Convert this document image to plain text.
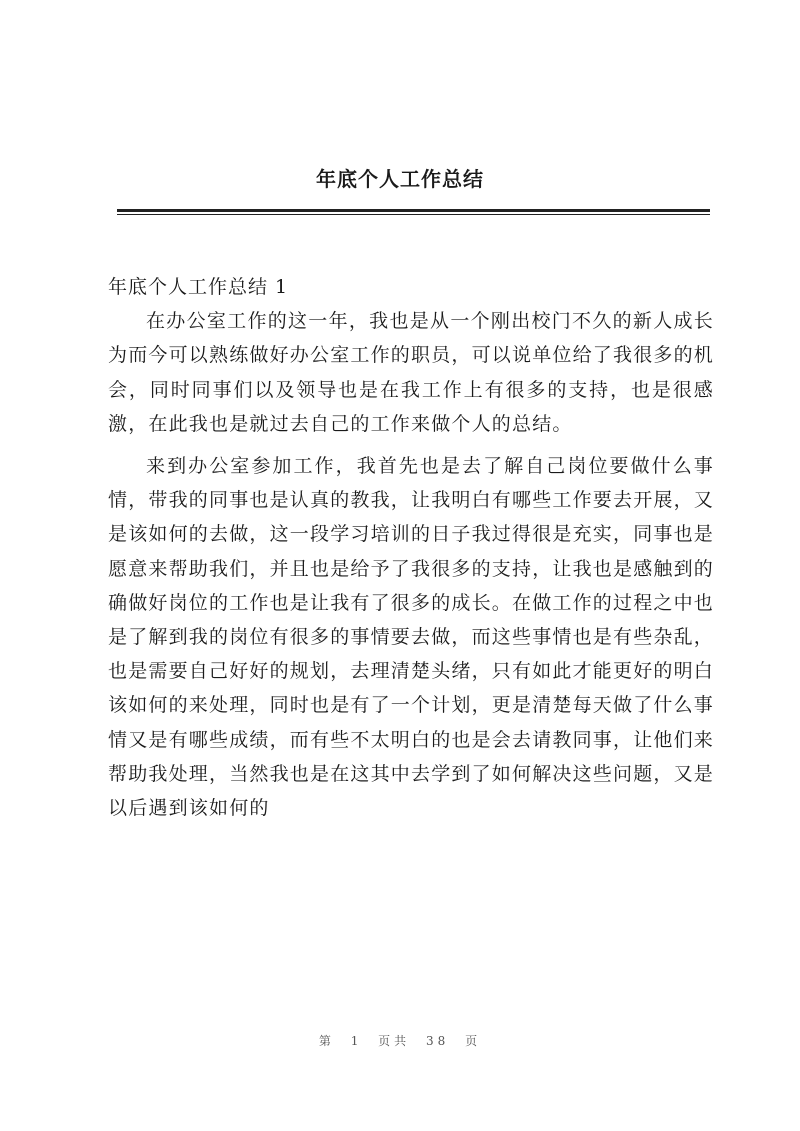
年底个人工作总结
年底个人工作总结 1

在办公室工作的这一年，我也是从一个刚出校门不久的新人成长为而今可以熟练做好办公室工作的职员，可以说单位给了我很多的机会，同时同事们以及领导也是在我工作上有很多的支持，也是很感激，在此我也是就过去自己的工作来做个人的总结。

来到办公室参加工作，我首先也是去了解自己岗位要做什么事情，带我的同事也是认真的教我，让我明白有哪些工作要去开展，又是该如何的去做，这一段学习培训的日子我过得很是充实，同事也是愿意来帮助我们，并且也是给予了我很多的支持，让我也是感触到的确做好岗位的工作也是让我有了很多的成长。在做工作的过程之中也是了解到我的岗位有很多的事情要去做，而这些事情也是有些杂乱，也是需要自己好好的规划，去理清楚头绪，只有如此才能更好的明白该如何的来处理，同时也是有了一个计划，更是清楚每天做了什么事情又是有哪些成绩，而有些不太明白的也是会去请教同事，让他们来帮助我处理，当然我也是在这其中去学到了如何解决这些问题，又是以后遇到该如何的

第 1 页共 38 页
